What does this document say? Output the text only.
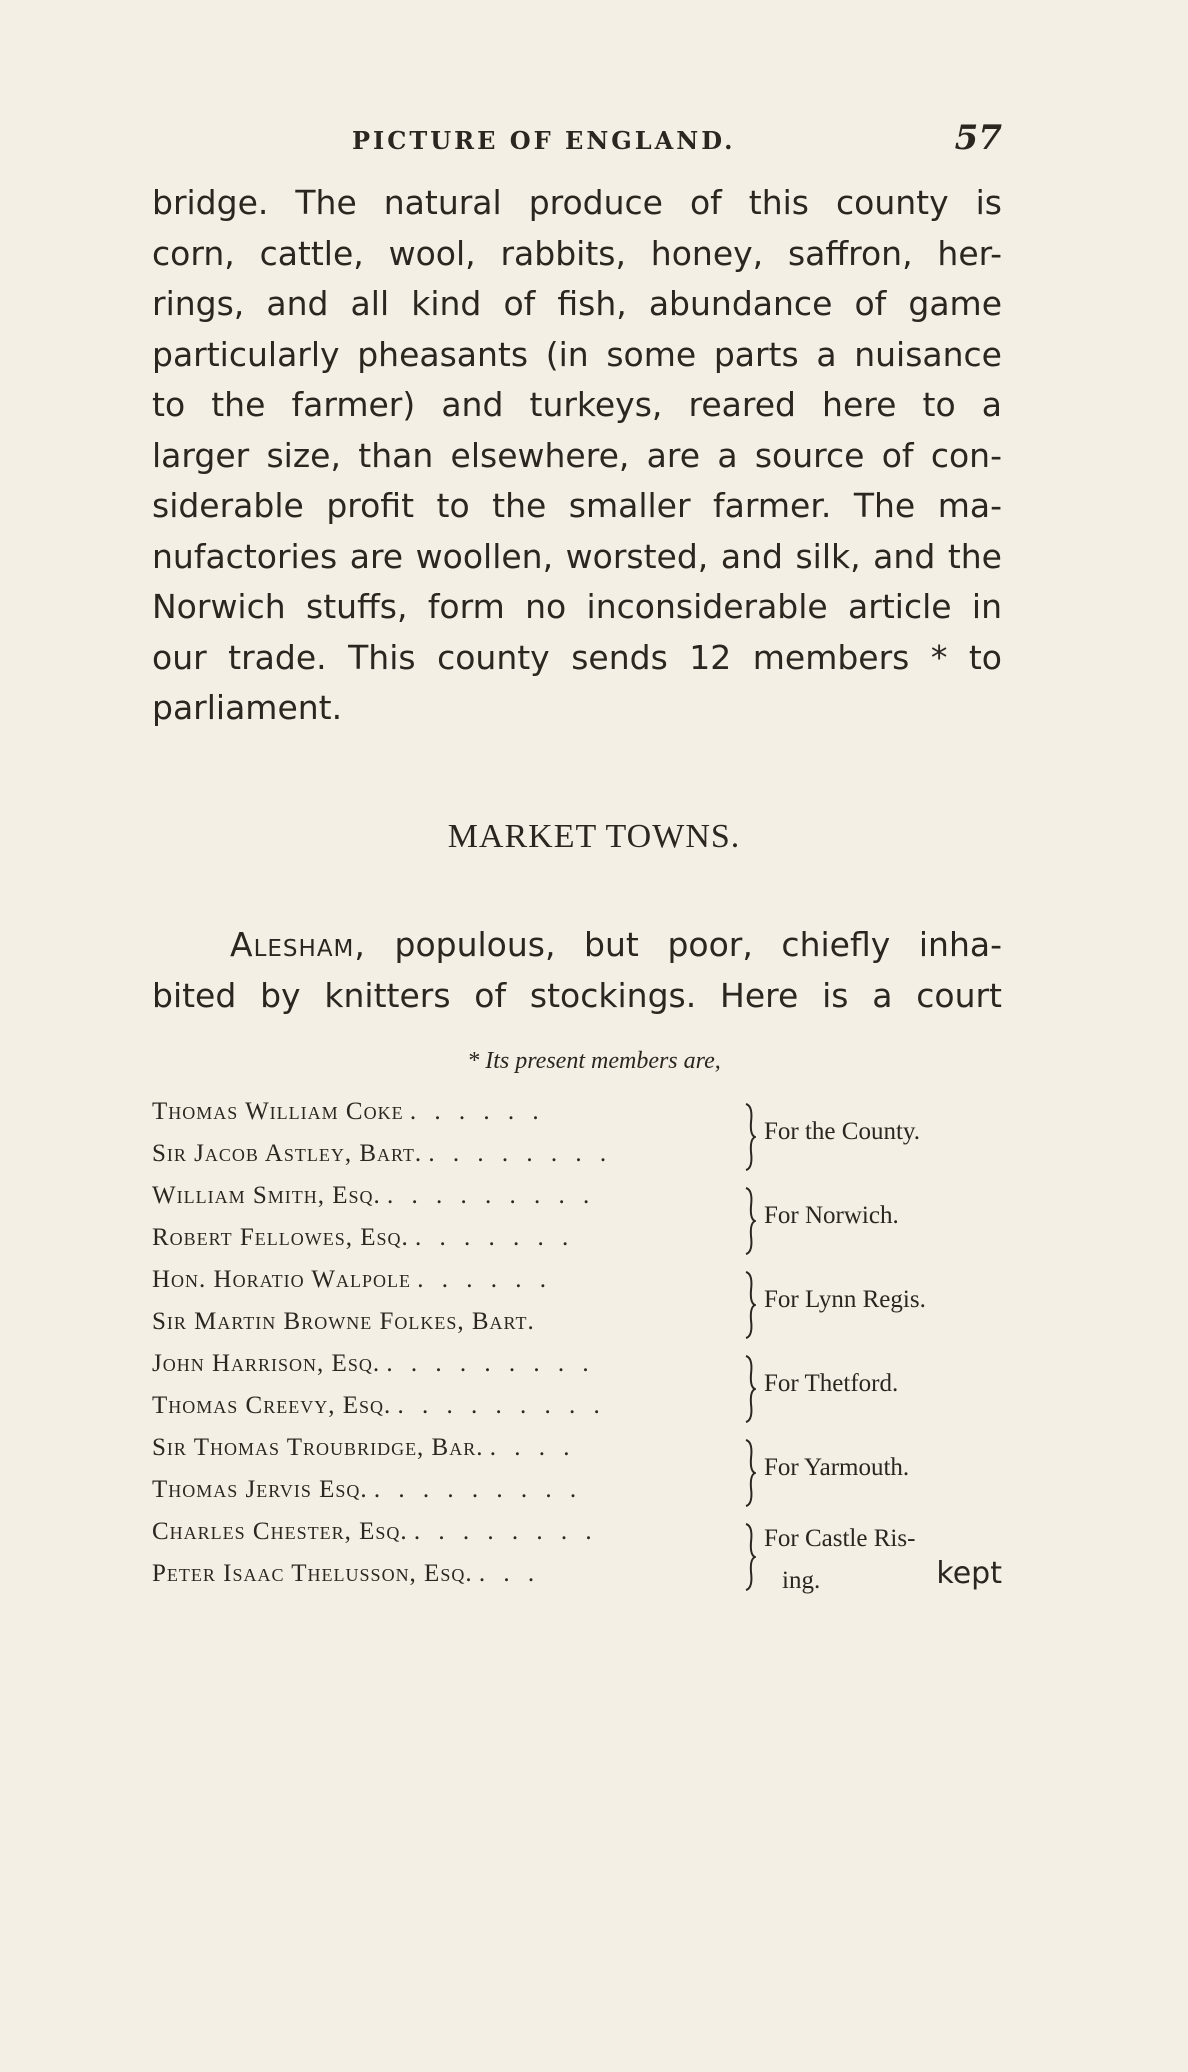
PICTURE OF ENGLAND.	57
bridge. The natural produce of this county is
corn, cattle, wool, rabbits, honey, saffron, her-
rings, and all kind of fish, abundance of game
particularly pheasants (in some parts a nuisance
to the farmer) and turkeys, reared here to a
larger size, than elsewhere, are a source of con-
siderable profit to the smaller farmer. The ma-
nufactories are woollen, worsted, and silk, and the
Norwich stuffs, form no inconsiderable article in
our trade. This county sends 12 members * to
parliament.
MARKET TOWNS.
Alesham, populous, but poor, chiefly inha-
bited by knitters of stockings. Here is a court
* Its present members are,
Thomas William Coke . . . . . .
Sir Jacob Astley, Bart. . . . . . . . .
For the County.
William Smith, Esq. . . . . . . . . .
Robert Fellowes, Esq. . . . . . . .
For Norwich.
Hon. Horatio Walpole . . . . . .
Sir Martin Browne Folkes, Bart.
For Lynn Regis.
John Harrison, Esq. . . . . . . . . .
Thomas Creevy, Esq. . . . . . . . . .
For Thetford.
Sir Thomas Troubridge, Bar. . . . .
Thomas Jervis Esq. . . . . . . . . .
For Yarmouth.
Charles Chester, Esq. . . . . . . . .
Peter Isaac Thelusson, Esq. . . .
For Castle Ris-
ing.	kept
